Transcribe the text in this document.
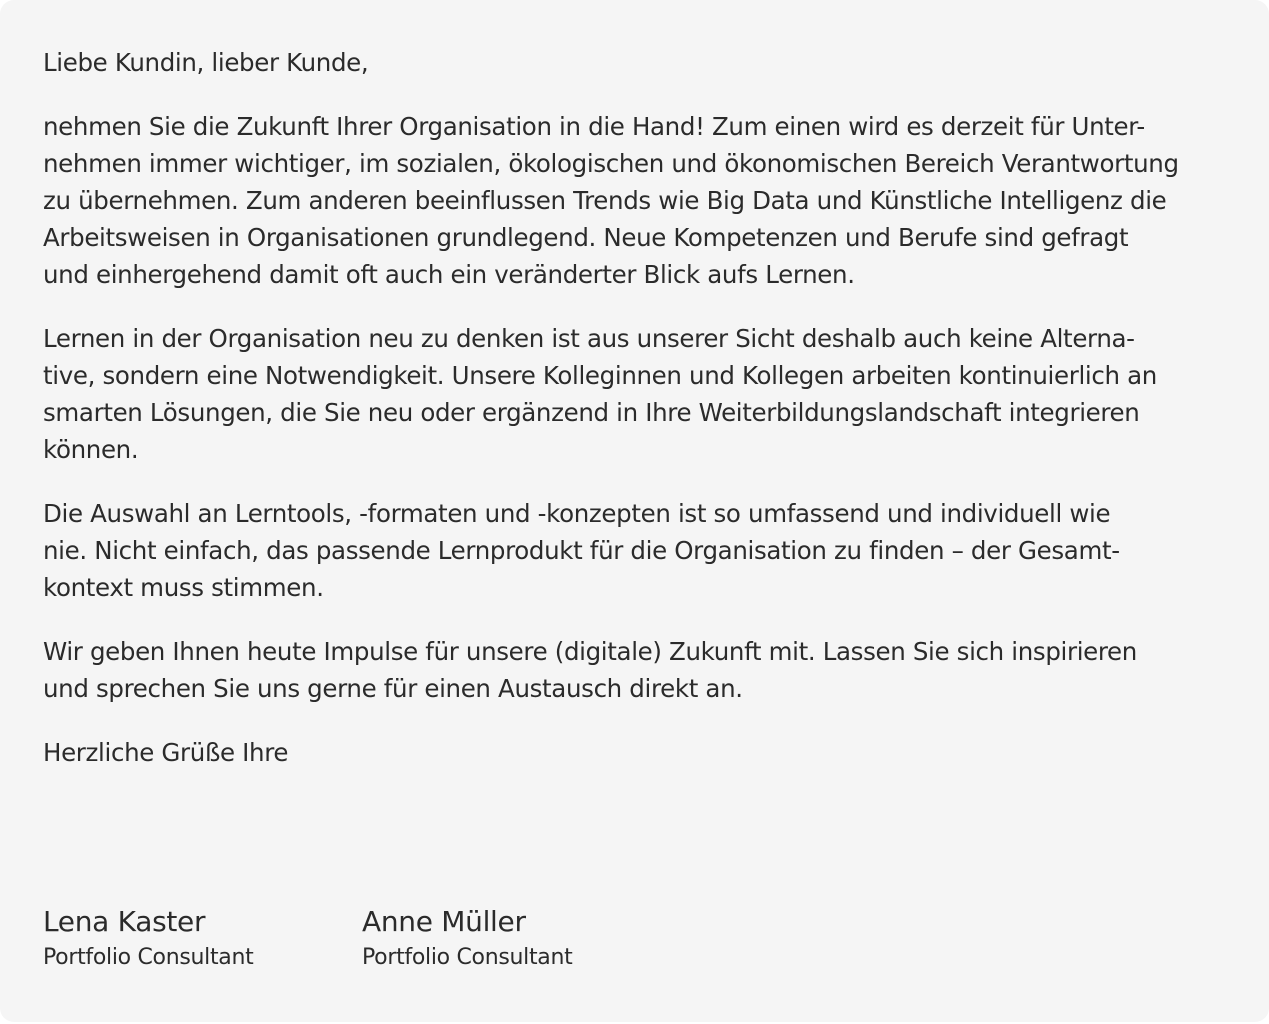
Liebe Kundin, lieber Kunde,

nehmen Sie die Zukunft Ihrer Organisation in die Hand! Zum einen wird es derzeit für Unter-
nehmen immer wichtiger, im sozialen, ökologischen und ökonomischen Bereich Verantwortung
zu übernehmen. Zum anderen beeinflussen Trends wie Big Data und Künstliche Intelligenz die
Arbeitsweisen in Organisationen grundlegend. Neue Kompetenzen und Berufe sind gefragt
und einhergehend damit oft auch ein veränderter Blick aufs Lernen.

Lernen in der Organisation neu zu denken ist aus unserer Sicht deshalb auch keine Alterna-
tive, sondern eine Notwendigkeit. Unsere Kolleginnen und Kollegen arbeiten kontinuierlich an
smarten Lösungen, die Sie neu oder ergänzend in Ihre Weiterbildungslandschaft integrieren
können.

Die Auswahl an Lerntools, -formaten und -konzepten ist so umfassend und individuell wie
nie. Nicht einfach, das passende Lernprodukt für die Organisation zu finden – der Gesamt-
kontext muss stimmen.

Wir geben Ihnen heute Impulse für unsere (digitale) Zukunft mit. Lassen Sie sich inspirieren
und sprechen Sie uns gerne für einen Austausch direkt an.

Herzliche Grüße Ihre

Lena Kaster
Portfolio Consultant
Anne Müller
Portfolio Consultant
